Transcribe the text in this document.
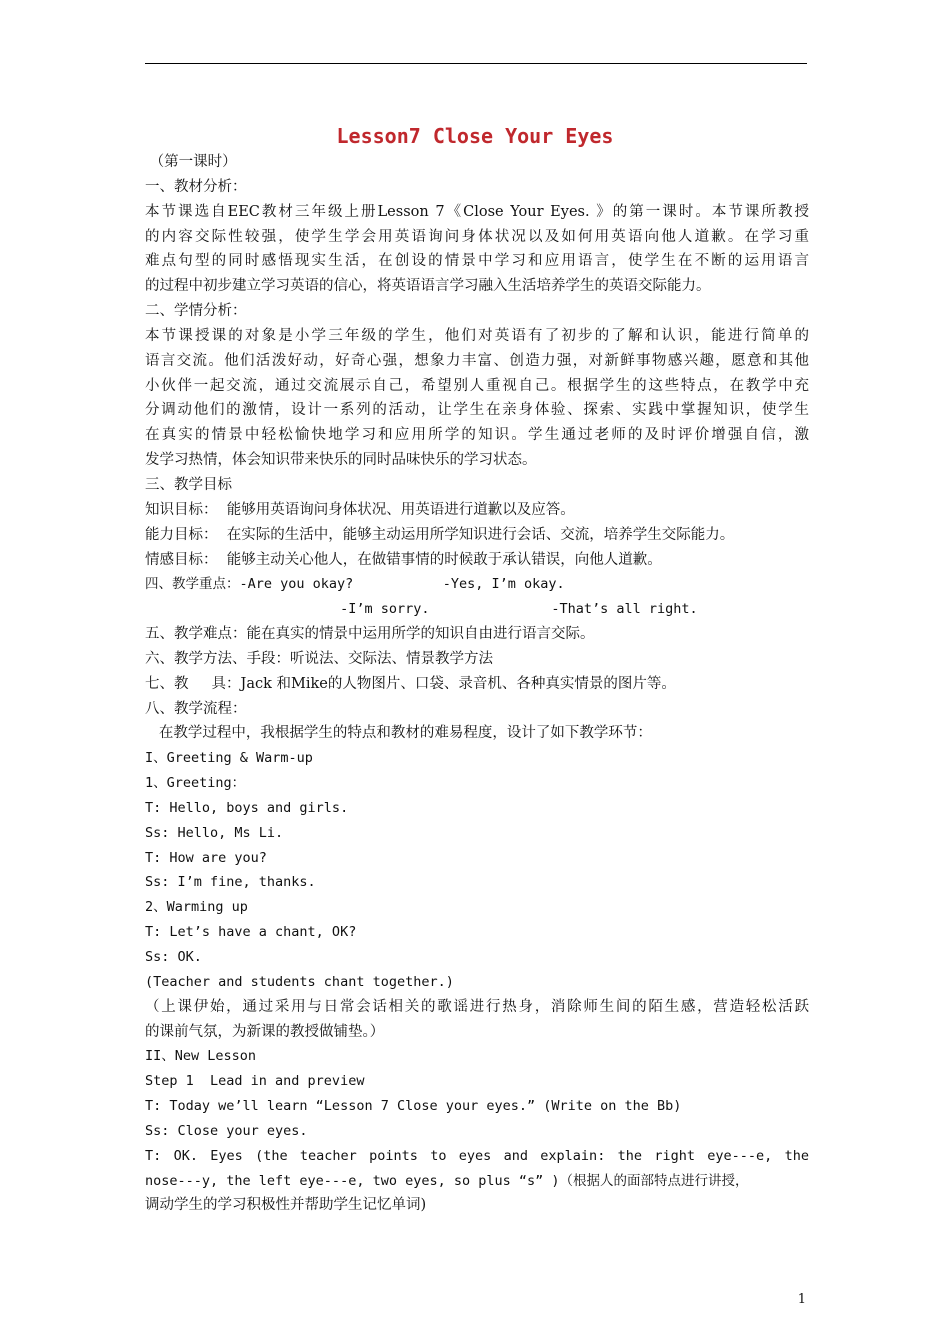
Lesson7 Close Your Eyes
（第一课时）
一、教材分析：
本节课选自EEC教材三年级上册Lesson 7《Close Your Eyes. 》的第一课时。本节课所教授
的内容交际性较强，使学生学会用英语询问身体状况以及如何用英语向他人道歉。在学习重
难点句型的同时感悟现实生活，在创设的情景中学习和应用语言，使学生在不断的运用语言
的过程中初步建立学习英语的信心，将英语语言学习融入生活培养学生的英语交际能力。
二、学情分析：
本节课授课的对象是小学三年级的学生，他们对英语有了初步的了解和认识，能进行简单的
语言交流。他们活泼好动，好奇心强，想象力丰富、创造力强，对新鲜事物感兴趣，愿意和其他
小伙伴一起交流，通过交流展示自己，希望别人重视自己。根据学生的这些特点，在教学中充
分调动他们的激情，设计一系列的活动，让学生在亲身体验、探索、实践中掌握知识，使学生
在真实的情景中轻松愉快地学习和应用所学的知识。学生通过老师的及时评价增强自信，激
发学习热情，体会知识带来快乐的同时品味快乐的学习状态。
三、教学目标
知识目标：  能够用英语询问身体状况、用英语进行道歉以及应答。
能力目标：  在实际的生活中，能够主动运用所学知识进行会话、交流，培养学生交际能力。
情感目标：  能够主动关心他人，在做错事情的时候敢于承认错误，向他人道歉。
四、教学重点：-Are you okay?           -Yes, I’m okay.
-I’m sorry.               -That’s all right.
五、教学难点：能在真实的情景中运用所学的知识自由进行语言交际。
六、教学方法、手段：听说法、交际法、情景教学方法
七、教     具：Jack 和Mike的人物图片、口袋、录音机、各种真实情景的图片等。
八、教学流程：
在教学过程中，我根据学生的特点和教材的难易程度，设计了如下教学环节：
I、Greeting & Warm-up
1、Greeting：
T: Hello, boys and girls.
Ss: Hello, Ms Li.
T: How are you?
Ss: I’m fine, thanks.
2、Warming up
T: Let’s have a chant, OK?
Ss: OK.
(Teacher and students chant together.)
（上课伊始，通过采用与日常会话相关的歌谣进行热身，消除师生间的陌生感，营造轻松活跃
的课前气氛，为新课的教授做铺垫。）
II、New Lesson
Step 1  Lead in and preview
T: Today we’ll learn “Lesson 7 Close your eyes.” (Write on the Bb)
Ss: Close your eyes.
T: OK. Eyes (the teacher points to eyes and explain: the right eye---e, the
nose---y, the left eye---e, two eyes, so plus “s” )（根据人的面部特点进行讲授，
调动学生的学习积极性并帮助学生记忆单词)
1
